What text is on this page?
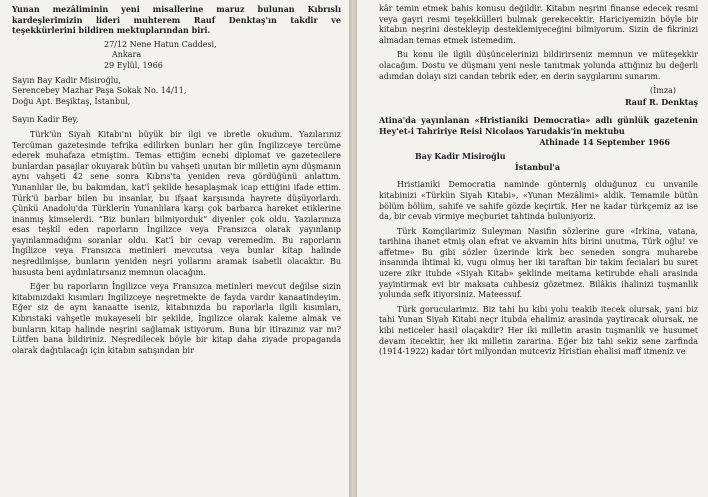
Yunan mezâliminin yeni misallerine maruz bulunan Kıbrıslı kardeşlerimizin lideri muhterem Rauf Denktaş'ın takdir ve teşekkürlerini bildiren mektuplarından biri.

27/12 Nene Hatun Caddesi,
Ankara
29 Eylül, 1966
Sayın Bay Kadir Misiroğlu,
Serencebey Mazhar Paşa Sokak No. 14/11,
Doğu Apt. Beşiktaş, İstanbul,
Sayın Kadir Bey,

Türk'ün Siyah Kitabı'nı büyük bir ilgi ve ibretle okudum. Yazılarınız Tercüman gazetesinde tefrika edilirken bunları her gün İngilizceye tercüme ederek muhafaza etmiştim. Temas ettiğim ecnebi diplomat ve gazetecilere bunlardan pasajlar okuyarak bütün bu vahşeti unutan bir milletin aynı düşmanın aynı vahşeti 42 sene sonra Kıbrıs'ta yeniden reva gördüğünü anlattım. Yunanlılar ile, bu bakımdan, kat'î şekilde hesaplaşmak icap ettiğini ifade ettim. Türk'ü barbar bilen bu insanlar, bu ifşaat karşısında hayrete düşüyorlardı. Çünkü Anadolu'da Türklerin Yunanlılara karşı çok barbarca hareket etiklerine inanmış kimselerdi. “Biz bunları bilmiyorduk” diyenler çok oldu. Yazılarınıza esas teşkil eden raporların İngilizce veya Fransızca olarak yayınlanıp yayınlanmadığını soranlar oldu. Kat'î bir cevap veremedim. Bu raporların İngilizce veya Fransızca metinleri mevcutsa veya bunlar kitap halinde neşredilmişse, bunların yeniden neşri yollarını aramak isabetli olacaktır. Bu hususta beni aydınlatırsanız memnun olacağım.

Eğer bu raporların İngilizce veya Fransızca metinleri mevcut değilse sizin kitabınızdaki kısımları İngilizceye neşretmekte de fayda vardır kanaatindeyim. Eğer siz de aynı kanaatte iseniz, kitabınızda bu raporlarla ilgili kısımları, Kıbrıstaki vahşetle mukayeseli bir şekilde, İngilizce olarak kaleme almak ve bunların kitap halinde neşrini sağlamak istiyorum. Buna bir itirazınız var mı? Lütfen bana bildiriniz. Neşredilecek böyle bir kitap daha ziyade propaganda olarak dağıtılacağı için kitabın satışından bir

kâr temin etmek bahis konusu değildir. Kitabın neşrini finanse edecek resmi veya gayri resmi teşekkülleri bulmak gerekecektir. Hariciyemizin böyle bir kitabın neşrini destekleyip desteklemiyeceğini bilmiyorum. Sizin de fikrinizi almadan temas etmek istemedim.

Bu konu ile ilgili düşüncelerinizi bildirirseniz memnun ve müteşekkir olacağım. Dostu ve düşmanı yeni nesle tanıtmak yolunda attığınız bu değerli adımdan dolayı sizi candan tebrik eder, en derin saygılarımı sunarım.

(İmza)
Rauf R. Denktaş

Atina'da yayınlanan «Hristianiki Democratia» adlı günlük gazetenin Hey'et-i Tahririye Reisi Nicolaos Yarudakis'in mektubu

Athinade 14 September 1966
Bay Kadir Misiroğlu
İstanbul'a

Hristianiki Democratia naminde gönterniş olduğunuz cu unvanile kitabinizi «Türkün Siyah Kitabi», «Yunan Mezâlimi» aldik. Temamile bütün bölüm bölüm, sahife ve sahife gözde keçirtik. Her ne kadar türkçemiz az ise da, bir cevab virmiye meçburiet tahtinda buluniyoriz.

Türk Komçilarimiz Suleyman Nasifin sözlerine gure «Irkina, vatana, tarihina ihanet etmiş olan efrat ve akvamin hits birini unutma, Türk oğlu! ve affetme» Bu gibi sözler üzerinde kirk bec seneden songra muharebe insanında ihtimal ki, vugu olmuş her iki taraftan bir takim fecialari bu suret uzere zikr itubde «Siyah Kitab» şeklinde meitama ketirubde ehali arasinda yayintirmak evi bir maksata cuhbesiz gözetmez. Bilâkis ihalinizi tuşmanlik yolunda sefk itiyorsiniz. Mateessuf.

Türk gorucularimiz. Biz tahi bu kibi yolu teakib itecek olursak, yani biz tahi Yunan Siyah Kitabi neçr itubda ehalimiz arasinda yaytiracak olursak, ne kibi neticeler hasil olaçakdir? Her iki milletin arasin tuşmanlik ve husumet devam itecektir, her iki milletin zararina. Eğer biz tahi sekiz sene zarfinda (1914-1922) kadar tört milyondan mutceviz Hristian ehalisi maff itmeniz ve
